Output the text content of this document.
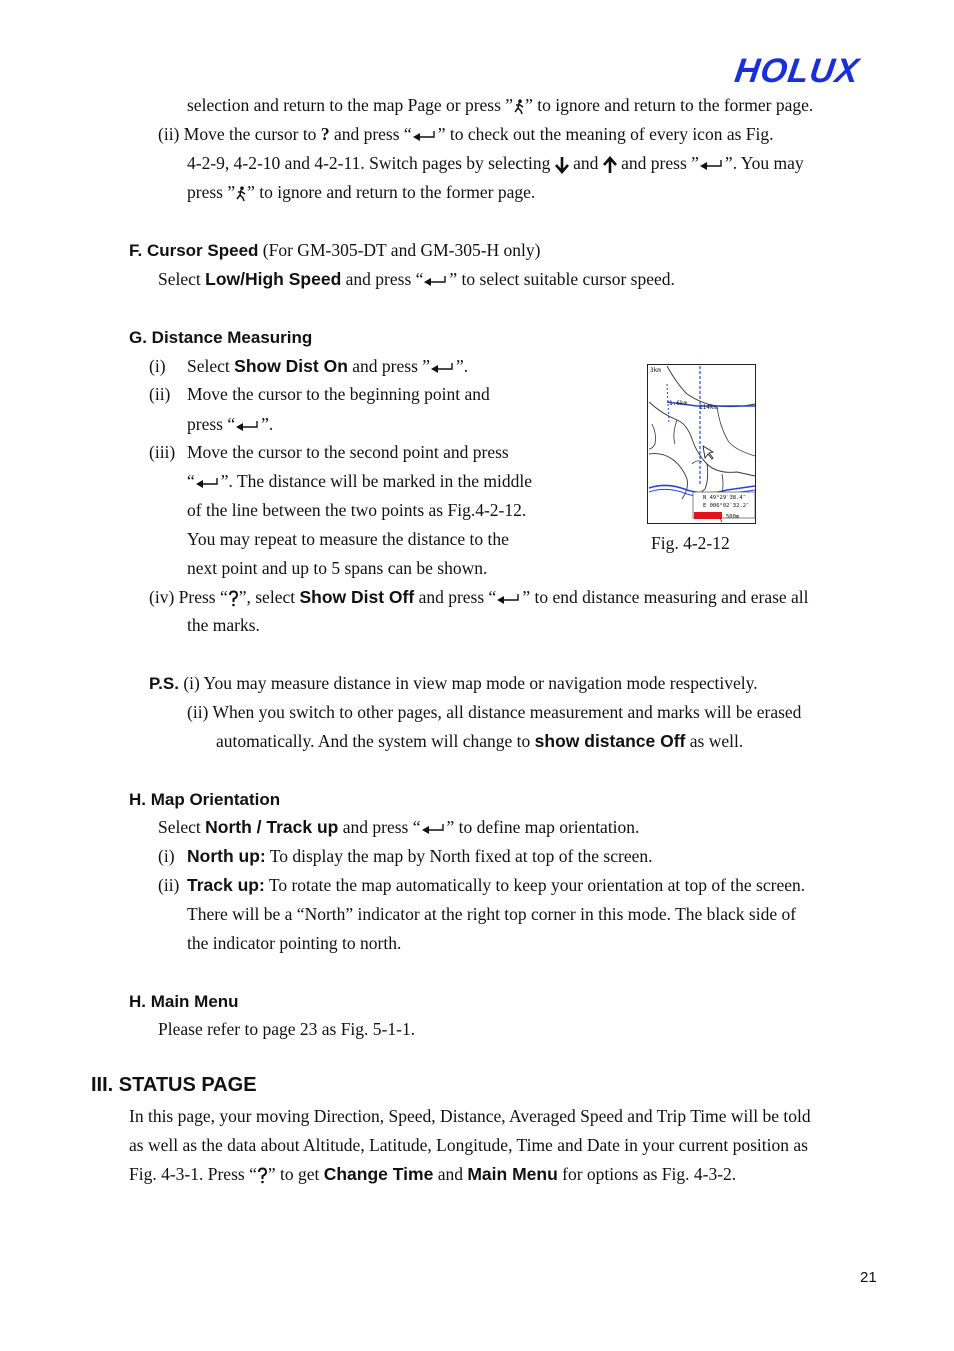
HOLUX
selection and return to the map Page or press ” ” to ignore and return to the former page.
(ii) Move the cursor to ? and press “ ” to check out the meaning of every icon as Fig.
4-2-9, 4-2-10 and 4-2-11. Switch pages by selecting  and  and press ” ”. You may
press ” ” to ignore and return to the former page.
F. Cursor Speed (For GM-305-DT and GM-305-H only)
Select Low/High Speed and press “ ” to select suitable cursor speed.
G. Distance Measuring
(i) Select Show Dist On and press ” ”.
(ii) Move the cursor to the beginning point and
press “ ”.
(iii) Move the cursor to the second point and press
“ ”. The distance will be marked in the middle
of the line between the two points as Fig.4-2-12.
You may repeat to measure the distance to the
next point and up to 5 spans can be shown.
(iv) Press “ ”, select Show Dist Off and press “ ” to end distance measuring and erase all
the marks.
3km
1.6km
114km
N 49°29′38.4″
E 006°02′32.2″
500m
Fig. 4-2-12
P.S. (i) You may measure distance in view map mode or navigation mode respectively.
(ii) When you switch to other pages, all distance measurement and marks will be erased
automatically. And the system will change to show distance Off as well.
H. Map Orientation
Select North / Track up and press “ ” to define map orientation.
(i) North up: To display the map by North fixed at top of the screen.
(ii) Track up: To rotate the map automatically to keep your orientation at top of the screen.
There will be a “North” indicator at the right top corner in this mode. The black side of
the indicator pointing to north.
H. Main Menu
Please refer to page 23 as Fig. 5-1-1.
III. STATUS PAGE
In this page, your moving Direction, Speed, Distance, Averaged Speed and Trip Time will be told
as well as the data about Altitude, Latitude, Longitude, Time and Date in your current position as
Fig. 4-3-1. Press “ ” to get Change Time and Main Menu for options as Fig. 4-3-2.
21
